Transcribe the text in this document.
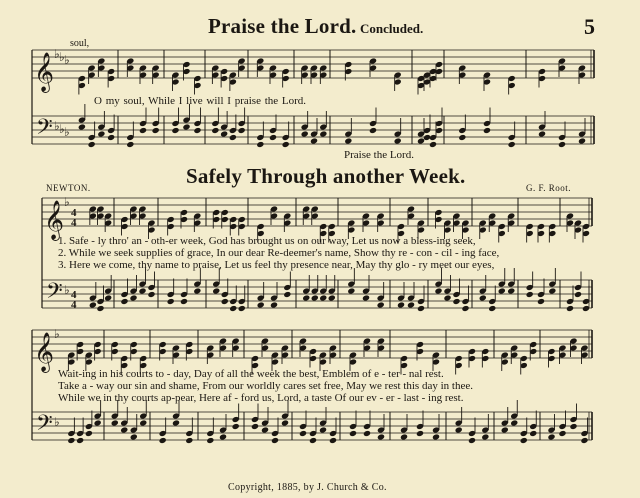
𝄞
𝄢
♭
♭
♭
♭
♭
♭
𝄞
𝄢
♭
♭
4
4
4
4
𝄞
𝄢
♭
♭
Praise the Lord. Concluded.	5
soul,
O my soul, While I live will I praise the Lord.
Praise the Lord.
Safely Through another Week.
NEWTON.	G. F. Root.
1. Safe - ly thro' an - oth-er week, God has brought us on our way, Let us now a bless-ing seek,
2. While we seek supplies of grace, In our dear Re-deemer's name, Show thy re - con - cil - ing face,
3. Here we come, thy name to praise, Let us feel thy presence near, May thy glo - ry meet our eyes,
Wait-ing in his courts to - day, Day of all the week the best, Emblem of e - ter - nal rest.
Take a - way our sin and shame, From our worldly cares set free, May we rest this day in thee.
While we in thy courts ap-pear, Here af - ford us, Lord, a taste Of our ev - er - last - ing rest.
Copyright, 1885, by J. Church & Co.
